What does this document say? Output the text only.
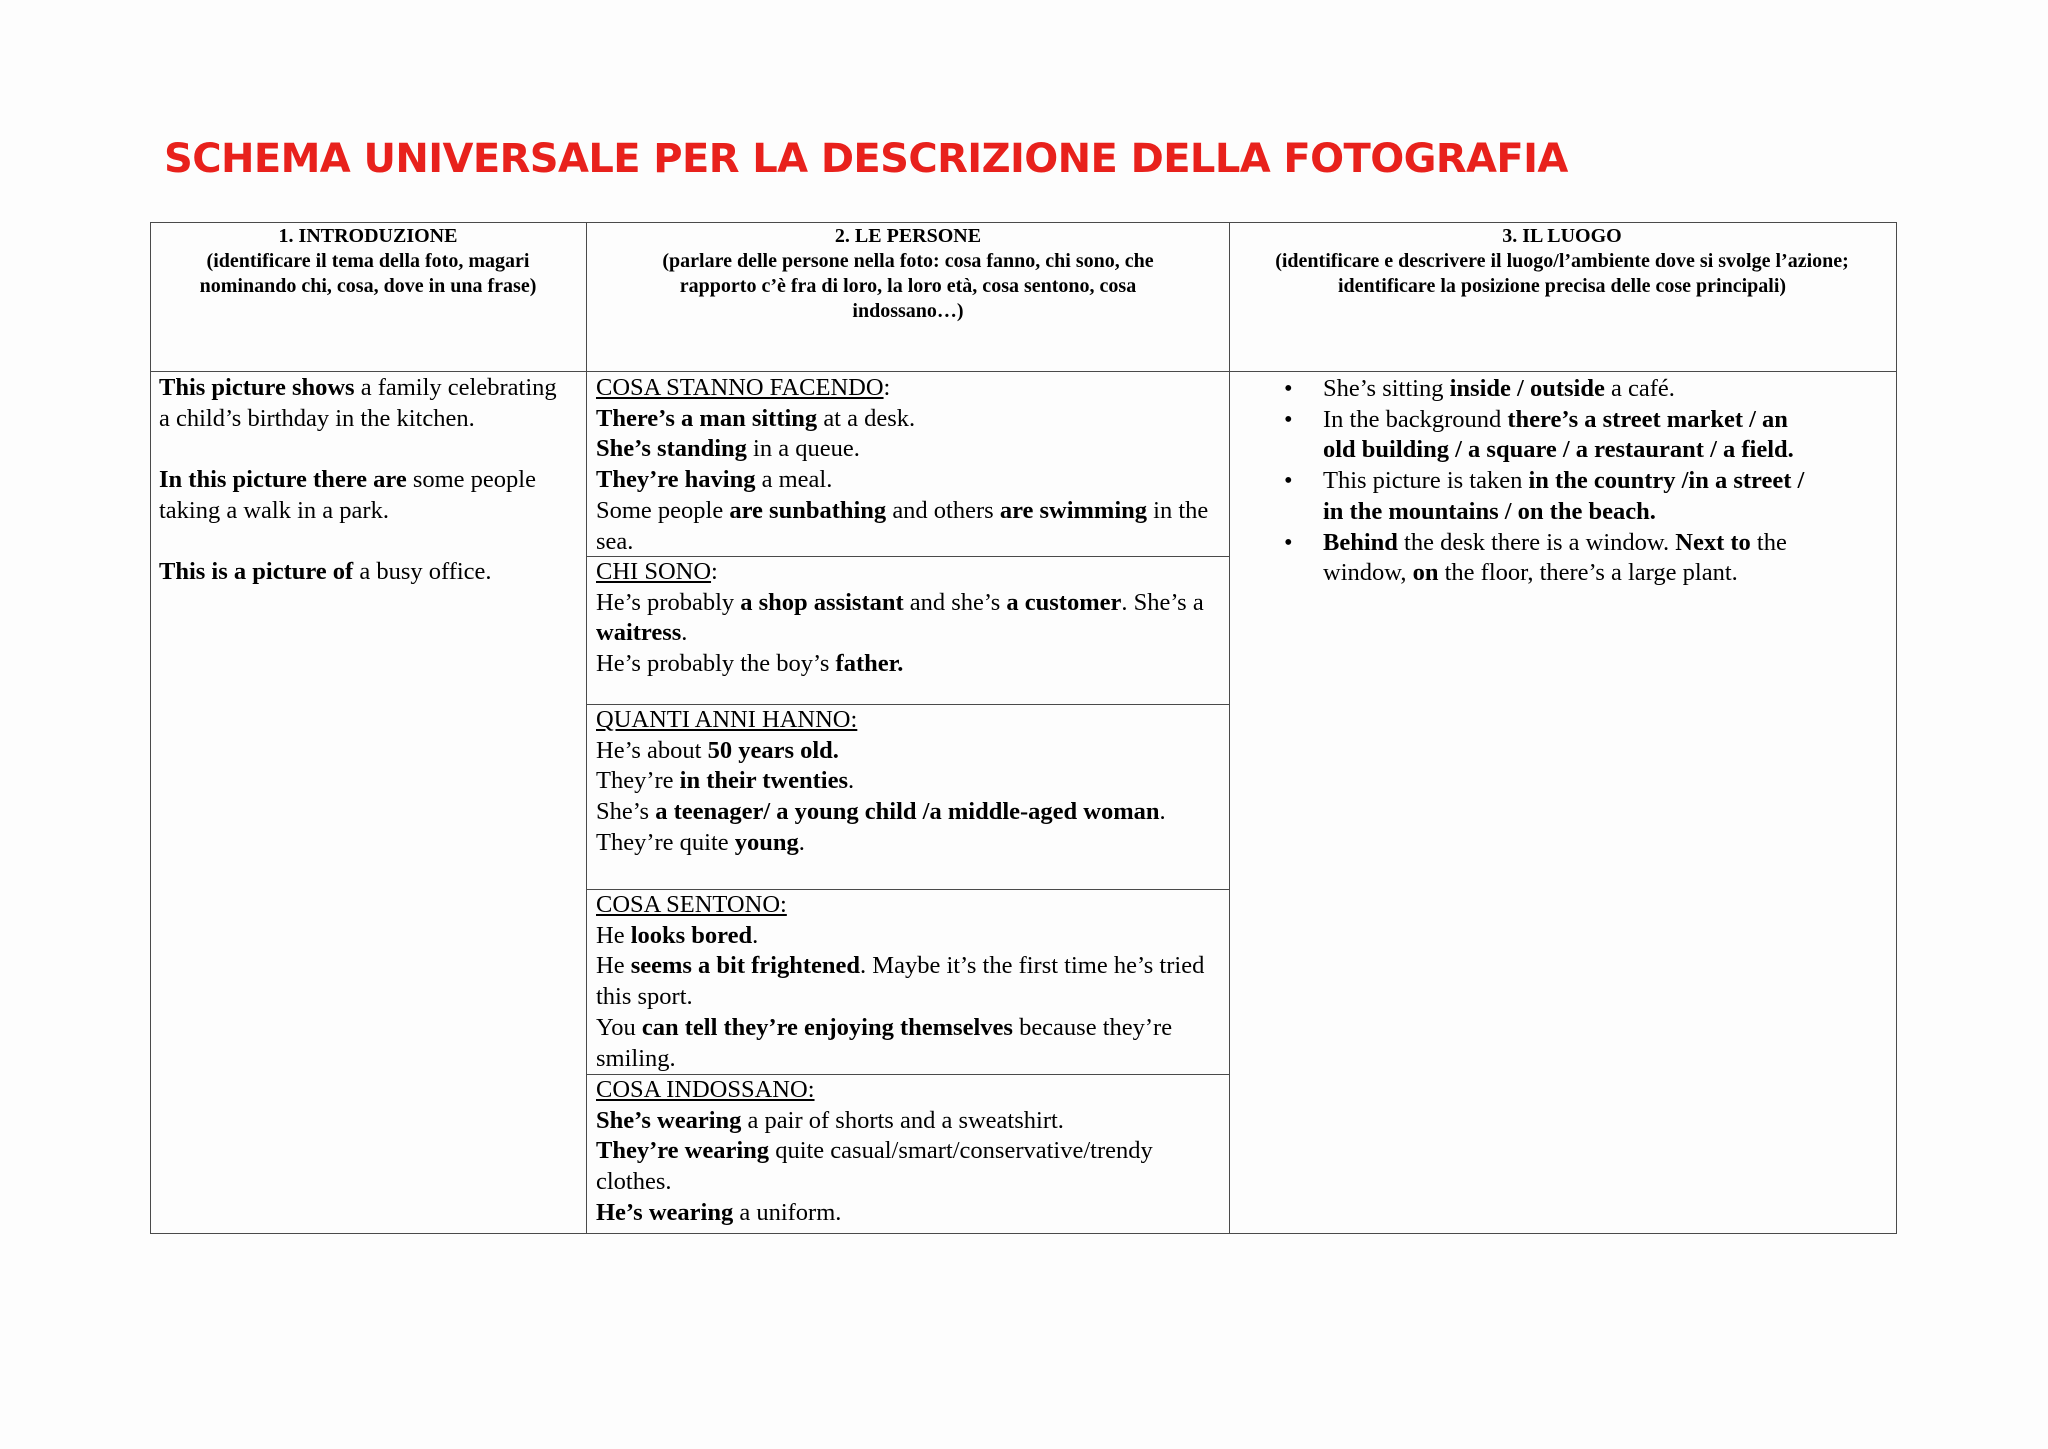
SCHEMA UNIVERSALE PER LA DESCRIZIONE DELLA FOTOGRAFIA
1. INTRODUZIONE
(identificare il tema della foto, magari nominando chi, cosa, dove in una frase)
2. LE PERSONE
(parlare delle persone nella foto: cosa fanno, chi sono, che rapporto c’è fra di loro, la loro età, cosa sentono, cosa indossano…)
3. IL LUOGO
(identificare e descrivere il luogo/l’ambiente dove si svolge l’azione; identificare la posizione precisa delle cose principali)

This picture shows a family celebrating a child’s birthday in the kitchen.

In this picture there are some people taking a walk in a park.

This is a picture of a busy office.

COSA STANNO FACENDO:

There’s a man sitting at a desk.

She’s standing in a queue.

They’re having a meal.

Some people are sunbathing and others are swimming in the sea.

CHI SONO:

He’s probably a shop assistant and she’s a customer. She’s a waitress.

He’s probably the boy’s father.

QUANTI ANNI HANNO:

He’s about 50 years old.

They’re in their twenties.

She’s a teenager/ a young child /a middle-aged woman. They’re quite young.

COSA SENTONO:

He looks bored.

He seems a bit frightened. Maybe it’s the first time he’s tried this sport.

You can tell they’re enjoying themselves because they’re smiling.

COSA INDOSSANO:

She’s wearing a pair of shorts and a sweatshirt.

They’re wearing quite casual/smart/conservative/trendy clothes.

He’s wearing a uniform.

• She’s sitting inside / outside a café.
• In the background there’s a street market / an old building / a square / a restaurant / a field.
• This picture is taken in the country /in a street / in the mountains / on the beach.
• Behind the desk there is a window. Next to the window, on the floor, there’s a large plant.
